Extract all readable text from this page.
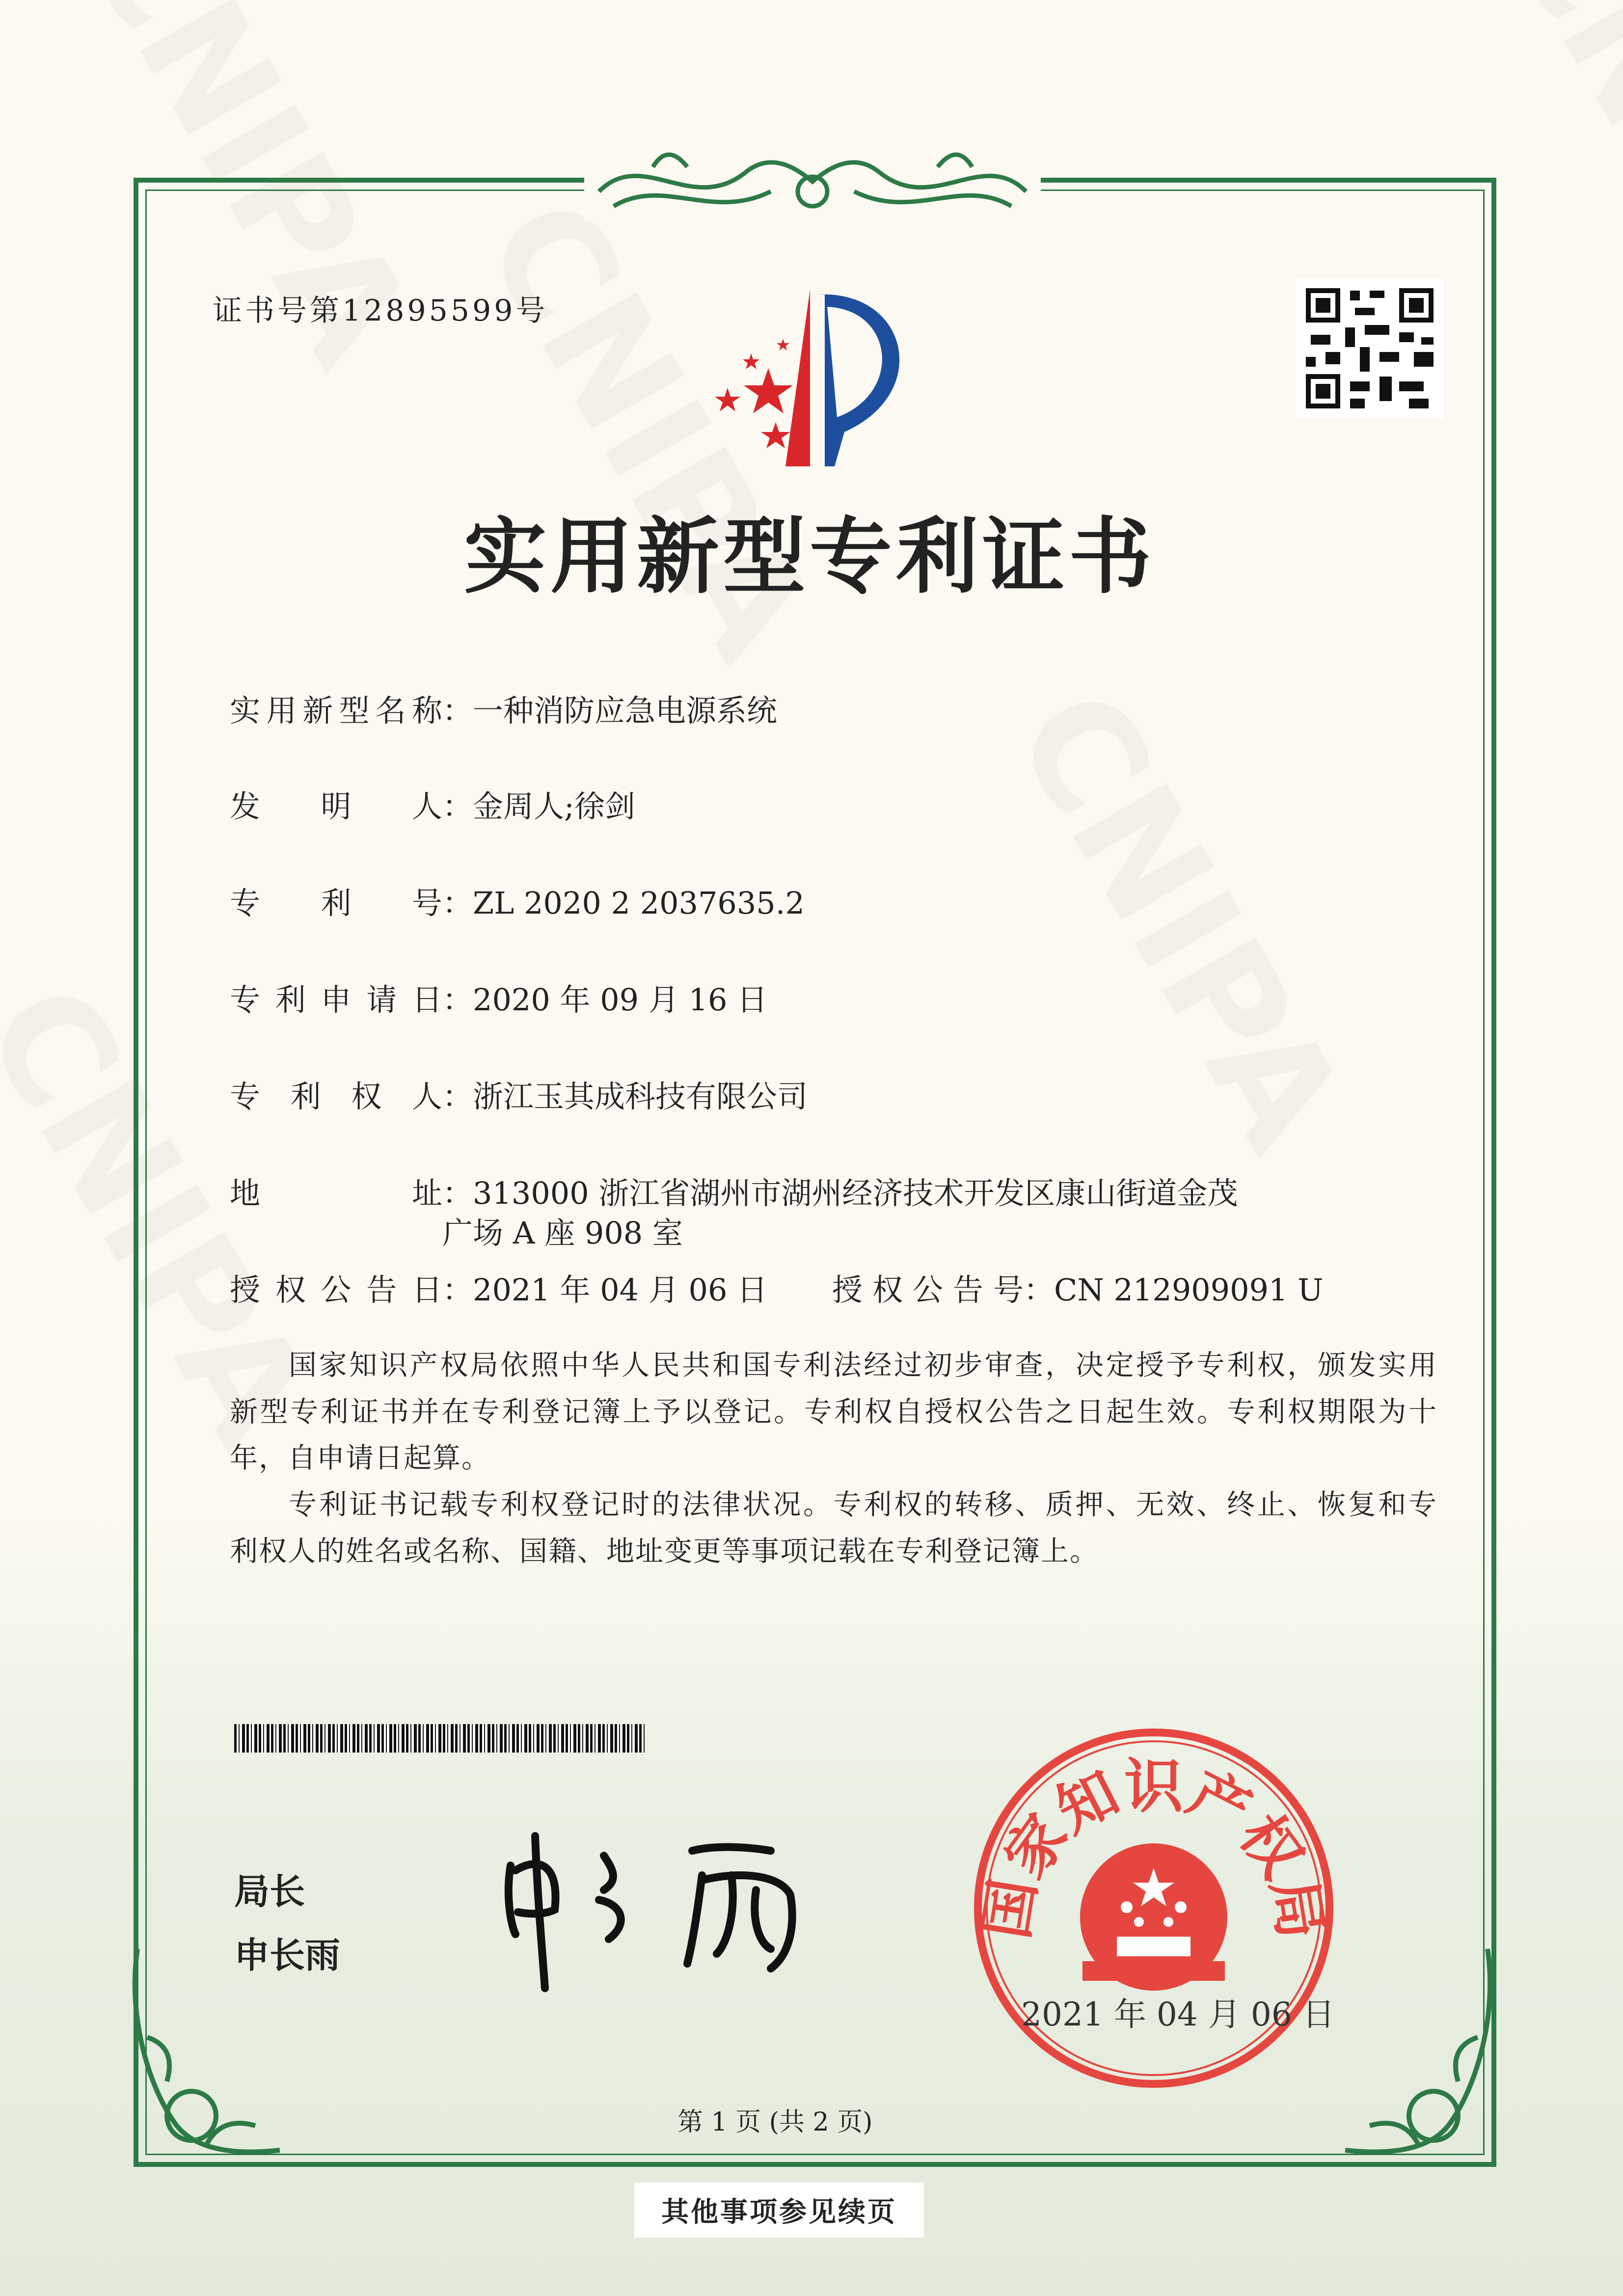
证书号第12895599号
实用新型专利证书
实用新型名称：一种消防应急电源系统
发明人：金周人;徐剑
专利号：ZL 2020 2 2037635.2
专利申请日：2020 年 09 月 16 日
专利权人：浙江玉其成科技有限公司
地址：313000 浙江省湖州市湖州经济技术开发区康山街道金茂
广场 A 座 908 室
授权公告日：2021 年 04 月 06 日 授权公告号：CN 212909091 U
国家知识产权局依照中华人民共和国专利法经过初步审查，决定授予专利权，颁发实用
新型专利证书并在专利登记簿上予以登记。专利权自授权公告之日起生效。专利权期限为十
年，自申请日起算。
专利证书记载专利权登记时的法律状况。专利权的转移、质押、无效、终止、恢复和专
利权人的姓名或名称、国籍、地址变更等事项记载在专利登记簿上。
局长
申长雨
国家知识产权局
2021 年 04 月 06 日
第 1 页 (共 2 页)
其他事项参见续页
